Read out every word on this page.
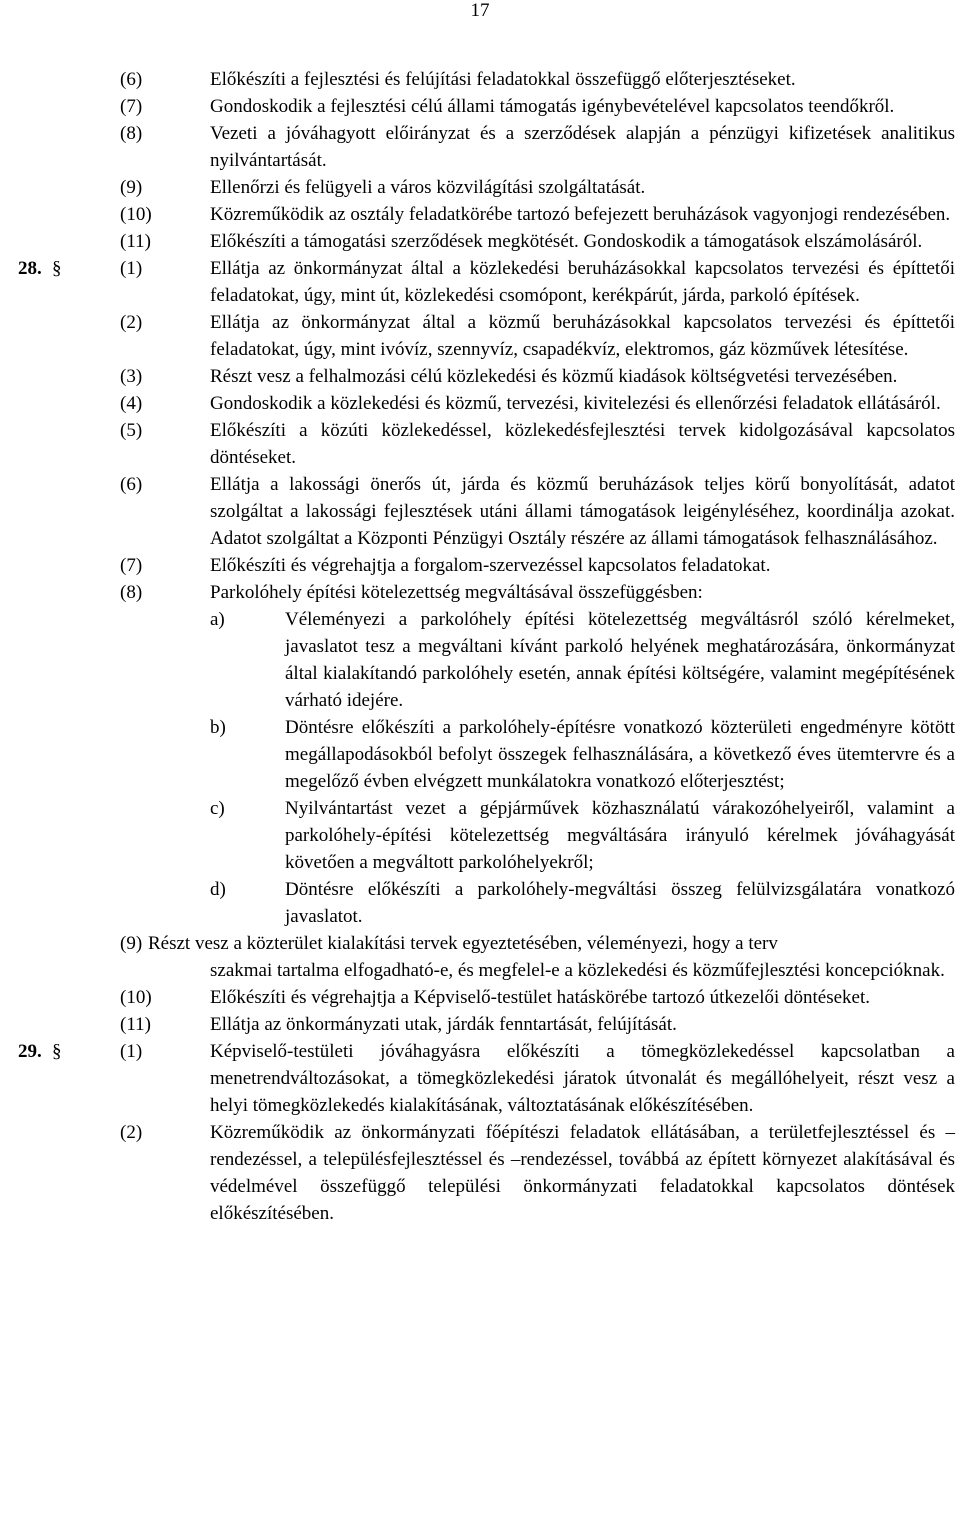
17
(6)	Előkészíti a fejlesztési és felújítási feladatokkal összefüggő előterjesztéseket.
(7)	Gondoskodik a fejlesztési célú állami támogatás igénybevételével kapcsolatos teendőkről.
(8)	Vezeti a jóváhagyott előirányzat és a szerződések alapján a pénzügyi kifizetések analitikus nyilvántartását.
(9)	Ellenőrzi és felügyeli a város közvilágítási szolgáltatását.
(10)	Közreműködik az osztály feladatkörébe tartozó befejezett beruházások vagyonjogi rendezésében.
(11)	Előkészíti a támogatási szerződések megkötését. Gondoskodik a támogatások elszámolásáról.
28. §	(1)	Ellátja az önkormányzat által a közlekedési beruházásokkal kapcsolatos tervezési és építtetői feladatokat, úgy, mint út, közlekedési csomópont, kerékpárút, járda, parkoló építések.
(2)	Ellátja az önkormányzat által a közmű beruházásokkal kapcsolatos tervezési és építtetői feladatokat, úgy, mint ivóvíz, szennyvíz, csapadékvíz, elektromos, gáz közművek létesítése.
(3)	Részt vesz a felhalmozási célú közlekedési és közmű kiadások költségvetési tervezésében.
(4)	Gondoskodik a közlekedési és közmű, tervezési, kivitelezési és ellenőrzési feladatok ellátásáról.
(5)	Előkészíti a közúti közlekedéssel, közlekedésfejlesztési tervek kidolgozásával kapcsolatos döntéseket.
(6)	Ellátja a lakossági önerős út, járda és közmű beruházások teljes körű bonyolítását, adatot szolgáltat a lakossági fejlesztések utáni állami támogatások leigényléséhez, koordinálja azokat. Adatot szolgáltat a Központi Pénzügyi Osztály részére az állami támogatások felhasználásához.
(7)	Előkészíti és végrehajtja a forgalom-szervezéssel kapcsolatos feladatokat.
(8)	Parkolóhely építési kötelezettség megváltásával összefüggésben:
a)	Véleményezi a parkolóhely építési kötelezettség megváltásról szóló kérelmeket, javaslatot tesz a megváltani kívánt parkoló helyének meghatározására, önkormányzat által kialakítandó parkolóhely esetén, annak építési költségére, valamint megépítésének várható idejére.
b)	Döntésre előkészíti a parkolóhely-építésre vonatkozó közterületi engedményre kötött megállapodásokból befolyt összegek felhasználására, a következő éves ütemtervre és a megelőző évben elvégzett munkálatokra vonatkozó előterjesztést;
c)	Nyilvántartást vezet a gépjárművek közhasználatú várakozóhelyeiről, valamint a parkolóhely-építési kötelezettség megváltására irányuló kérelmek jóváhagyását követően a megváltott parkolóhelyekről;
d)	Döntésre előkészíti a parkolóhely-megváltási összeg felülvizsgálatára vonatkozó javaslatot.
(9) Részt vesz a közterület kialakítási tervek egyeztetésében, véleményezi, hogy a terv
szakmai tartalma elfogadható-e, és megfelel-e a közlekedési és közműfejlesztési koncepcióknak.
(10)	Előkészíti és végrehajtja a Képviselő-testület hatáskörébe tartozó útkezelői döntéseket.
(11)	Ellátja az önkormányzati utak, járdák fenntartását, felújítását.
29. §	(1)	Képviselő-testületi jóváhagyásra előkészíti a tömegközlekedéssel kapcsolatban a menetrendváltozásokat, a tömegközlekedési járatok útvonalát és megállóhelyeit, részt vesz a helyi tömegközlekedés kialakításának, változtatásának előkészítésében.
(2)	Közreműködik az önkormányzati főépítészi feladatok ellátásában, a területfejlesztéssel és –rendezéssel, a településfejlesztéssel és –rendezéssel, továbbá az épített környezet alakításával és védelmével összefüggő települési önkormányzati feladatokkal kapcsolatos döntések előkészítésében.
